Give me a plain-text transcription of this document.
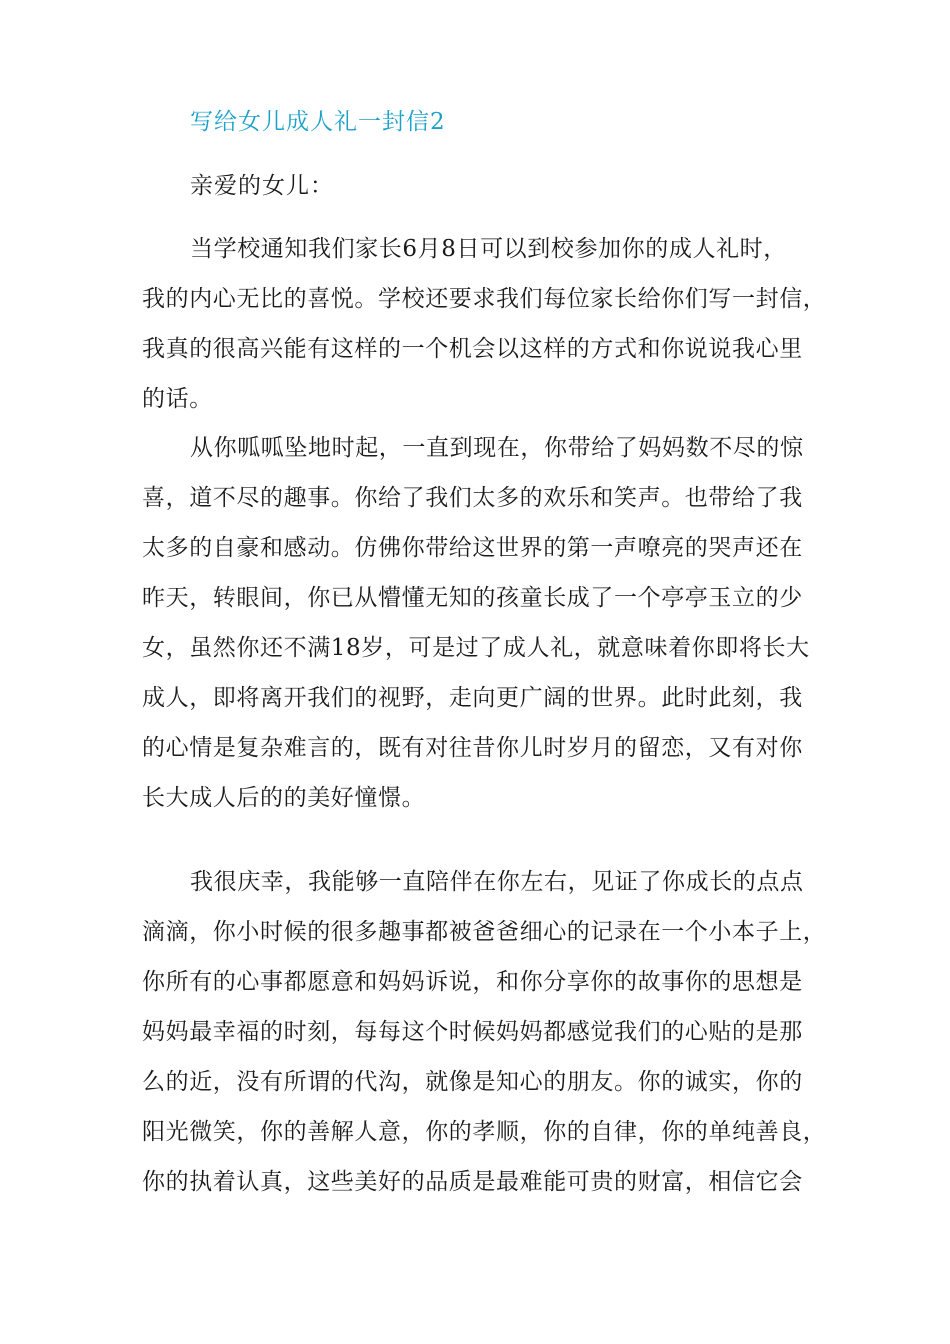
写给女儿成人礼一封信2
亲爱的女儿：
当学校通知我们家长6月8日可以到校参加你的成人礼时，
我的内心无比的喜悦。学校还要求我们每位家长给你们写一封信，
我真的很高兴能有这样的一个机会以这样的方式和你说说我心里
的话。
从你呱呱坠地时起，一直到现在，你带给了妈妈数不尽的惊
喜，道不尽的趣事。你给了我们太多的欢乐和笑声。也带给了我
太多的自豪和感动。仿佛你带给这世界的第一声嘹亮的哭声还在
昨天，转眼间，你已从懵懂无知的孩童长成了一个亭亭玉立的少
女，虽然你还不满18岁，可是过了成人礼，就意味着你即将长大
成人，即将离开我们的视野，走向更广阔的世界。此时此刻，我
的心情是复杂难言的，既有对往昔你儿时岁月的留恋，又有对你
长大成人后的的美好憧憬。
我很庆幸，我能够一直陪伴在你左右，见证了你成长的点点
滴滴，你小时候的很多趣事都被爸爸细心的记录在一个小本子上，
你所有的心事都愿意和妈妈诉说，和你分享你的故事你的思想是
妈妈最幸福的时刻，每每这个时候妈妈都感觉我们的心贴的是那
么的近，没有所谓的代沟，就像是知心的朋友。你的诚实，你的
阳光微笑，你的善解人意，你的孝顺，你的自律，你的单纯善良，
你的执着认真，这些美好的品质是最难能可贵的财富，相信它会
